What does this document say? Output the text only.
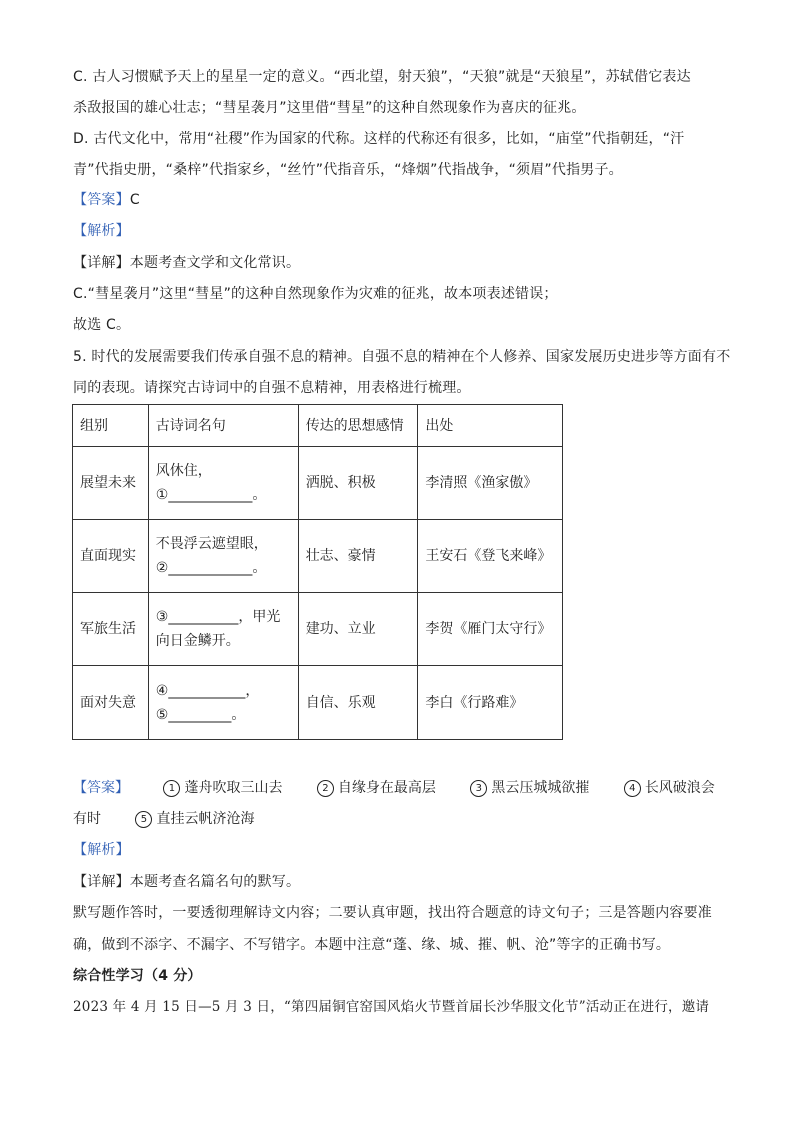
C. 古人习惯赋予天上的星星一定的意义。“西北望，射天狼”，“天狼”就是“天狼星”，苏轼借它表达
杀敌报国的雄心壮志；“彗星袭月”这里借“彗星”的这种自然现象作为喜庆的征兆。
D. 古代文化中，常用“社稷”作为国家的代称。这样的代称还有很多，比如，“庙堂”代指朝廷，“汗
青”代指史册，“桑梓”代指家乡，“丝竹”代指音乐，“烽烟”代指战争，“须眉”代指男子。
【答案】C
【解析】
【详解】本题考查文学和文化常识。
C.“彗星袭月”这里“彗星”的这种自然现象作为灾难的征兆，故本项表述错误；
故选 C。
5. 时代的发展需要我们传承自强不息的精神。自强不息的精神在个人修养、国家发展历史进步等方面有不
同的表现。请探究古诗词中的自强不息精神，用表格进行梳理。
组别	古诗词名句	传达的思想感情	出处
展望未来	风休住，
①____________。	洒脱、积极	李清照《渔家傲》
直面现实	不畏浮云遮望眼，
②____________。	壮志、豪情	王安石《登飞来峰》
军旅生活	③__________，甲光
向日金鳞开。	建功、立业	李贺《雁门太守行》
面对失意	④___________，
⑤_________。	自信、乐观	李白《行路难》
【答案】	1 蓬舟吹取三山去	2 自缘身在最高层	3 黑云压城城欲摧	4 长风破浪会
有时	5 直挂云帆济沧海
【解析】
【详解】本题考查名篇名句的默写。
默写题作答时，一要透彻理解诗文内容；二要认真审题，找出符合题意的诗文句子；三是答题内容要准
确，做到不添字、不漏字、不写错字。本题中注意“蓬、缘、城、摧、帆、沧”等字的正确书写。
综合性学习（4 分）
2023 年 4 月 15 日—5 月 3 日，“第四届铜官窑国风焰火节暨首届长沙华服文化节”活动正在进行，邀请
